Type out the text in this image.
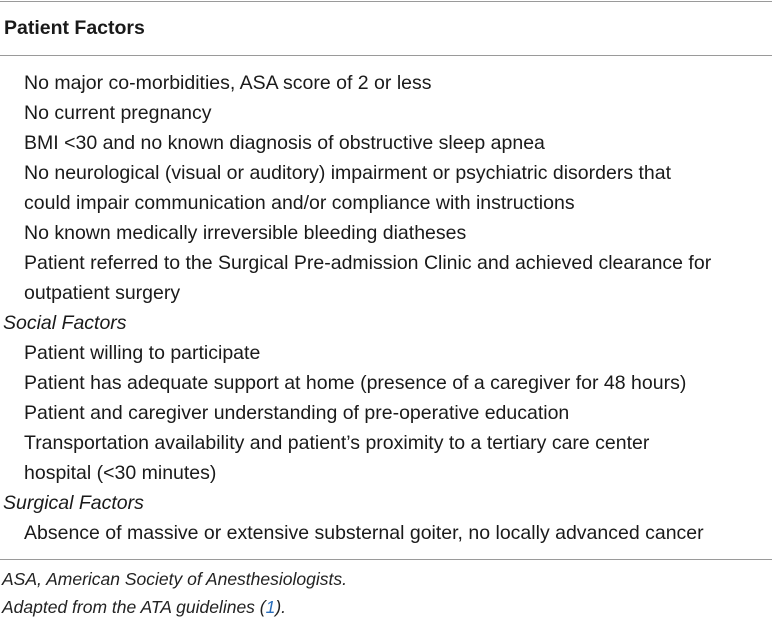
Patient Factors
No major co-morbidities, ASA score of 2 or less
No current pregnancy
BMI <30 and no known diagnosis of obstructive sleep apnea
No neurological (visual or auditory) impairment or psychiatric disorders that
could impair communication and/or compliance with instructions
No known medically irreversible bleeding diatheses
Patient referred to the Surgical Pre-admission Clinic and achieved clearance for
outpatient surgery
Social Factors
Patient willing to participate
Patient has adequate support at home (presence of a caregiver for 48 hours)
Patient and caregiver understanding of pre-operative education
Transportation availability and patient’s proximity to a tertiary care center
hospital (<30 minutes)
Surgical Factors
Absence of massive or extensive substernal goiter, no locally advanced cancer
ASA, American Society of Anesthesiologists.
Adapted from the ATA guidelines (1).
